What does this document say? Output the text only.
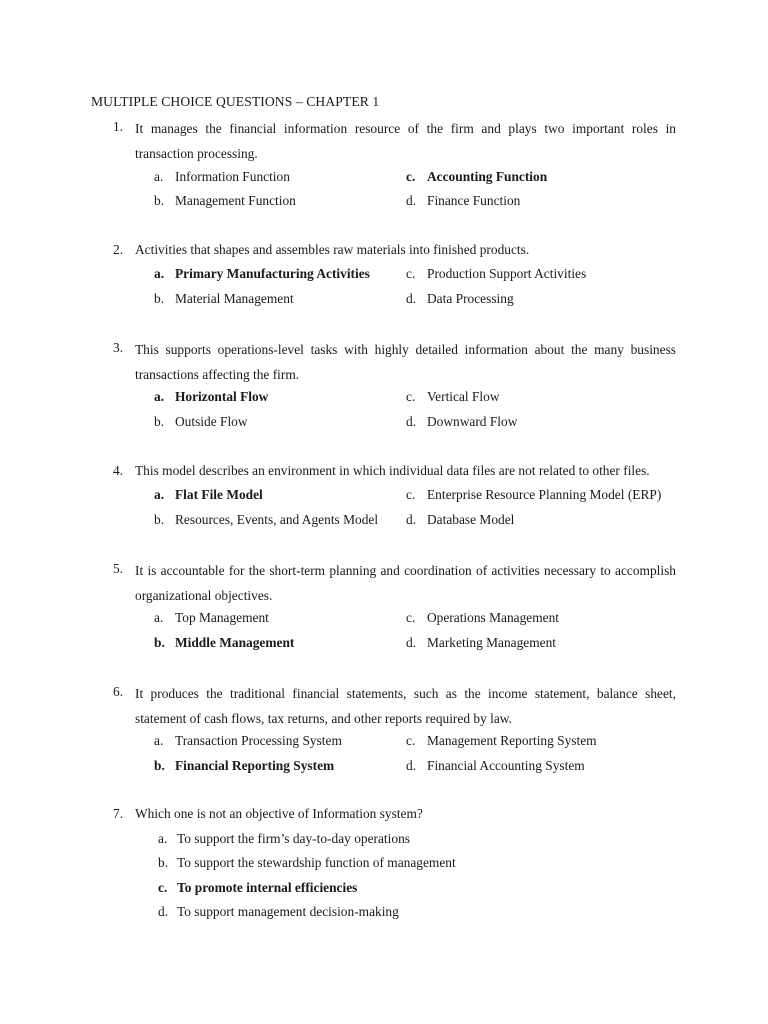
MULTIPLE CHOICE QUESTIONS – CHAPTER 1
1. It manages the financial information resource of the firm and plays two important roles in transaction processing.
a. Information Function
b. Management Function
c. Accounting Function
d. Finance Function
2. Activities that shapes and assembles raw materials into finished products.
a. Primary Manufacturing Activities
b. Material Management
c. Production Support Activities
d. Data Processing
3. This supports operations-level tasks with highly detailed information about the many business transactions affecting the firm.
a. Horizontal Flow
b. Outside Flow
c. Vertical Flow
d. Downward Flow
4. This model describes an environment in which individual data files are not related to other files.
a. Flat File Model
b. Resources, Events, and Agents Model
c. Enterprise Resource Planning Model (ERP)
d. Database Model
5. It is accountable for the short-term planning and coordination of activities necessary to accomplish organizational objectives.
a. Top Management
b. Middle Management
c. Operations Management
d. Marketing Management
6. It produces the traditional financial statements, such as the income statement, balance sheet, statement of cash flows, tax returns, and other reports required by law.
a. Transaction Processing System
b. Financial Reporting System
c. Management Reporting System
d. Financial Accounting System
7. Which one is not an objective of Information system?
a. To support the firm’s day-to-day operations
b. To support the stewardship function of management
c. To promote internal efficiencies
d. To support management decision-making
